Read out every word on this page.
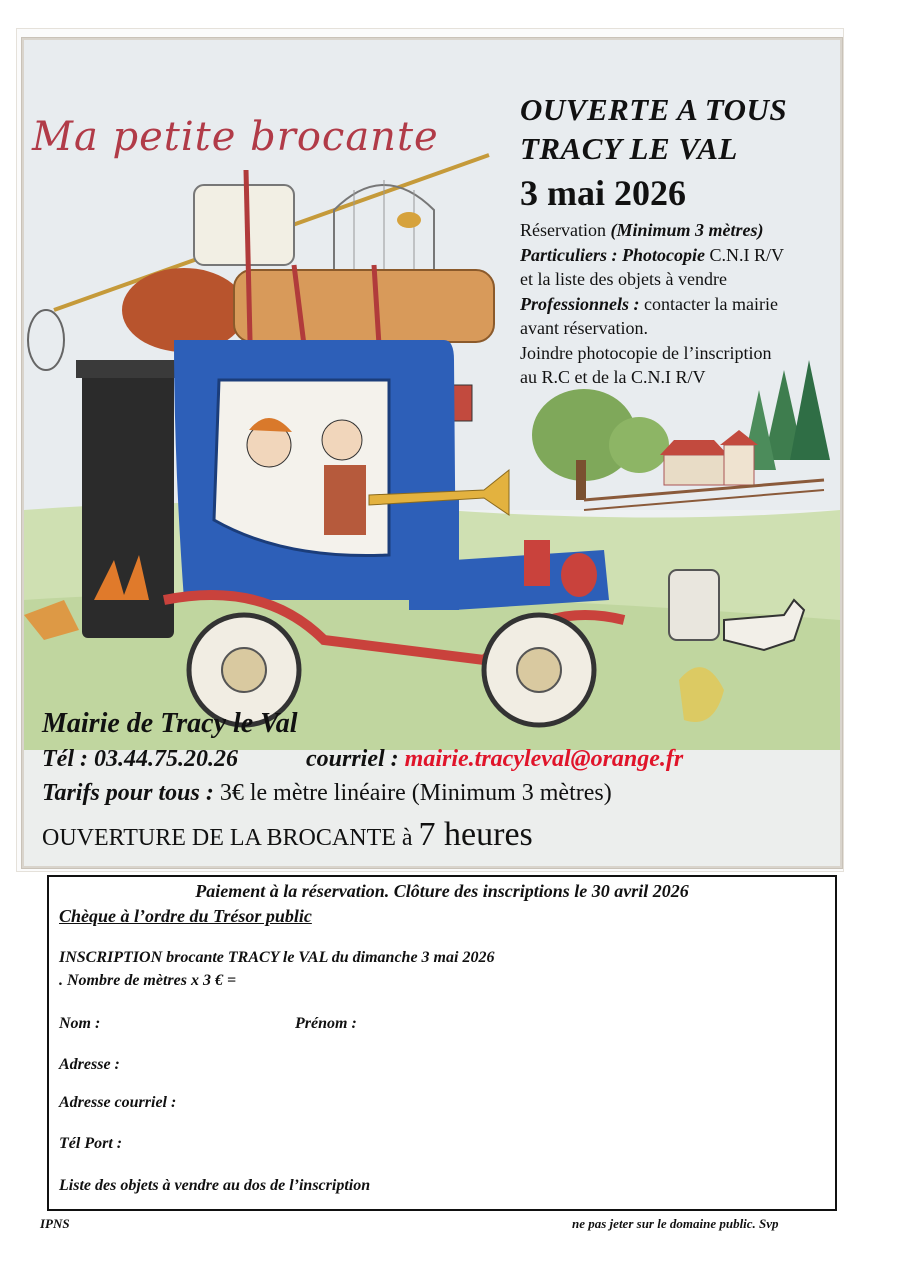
Ma petite brocante
OUVERTE A TOUS
TRACY LE VAL
3 mai 2026
Réservation (Minimum 3 mètres)
Particuliers : Photocopie C.N.I R/V
et la liste des objets à vendre
Professionnels : contacter la mairie
avant réservation.
Joindre photocopie de l’inscription
au R.C et de la C.N.I R/V
Mairie de Tracy le Val
Tél : 03.44.75.20.26	courriel : mairie.tracyleval@orange.fr
Tarifs pour tous : 3€ le mètre linéaire (Minimum 3 mètres)
OUVERTURE DE LA BROCANTE à 7 heures
Paiement à la réservation. Clôture des inscriptions le 30 avril 2026
Chèque à l’ordre du Trésor public
INSCRIPTION brocante TRACY le VAL du dimanche 3 mai 2026
. Nombre de mètres x 3 € =
Nom :	Prénom :
Adresse :
Adresse courriel :
Tél Port :
Liste des objets à vendre au dos de l’inscription
IPNS	ne pas jeter sur le domaine public. Svp
